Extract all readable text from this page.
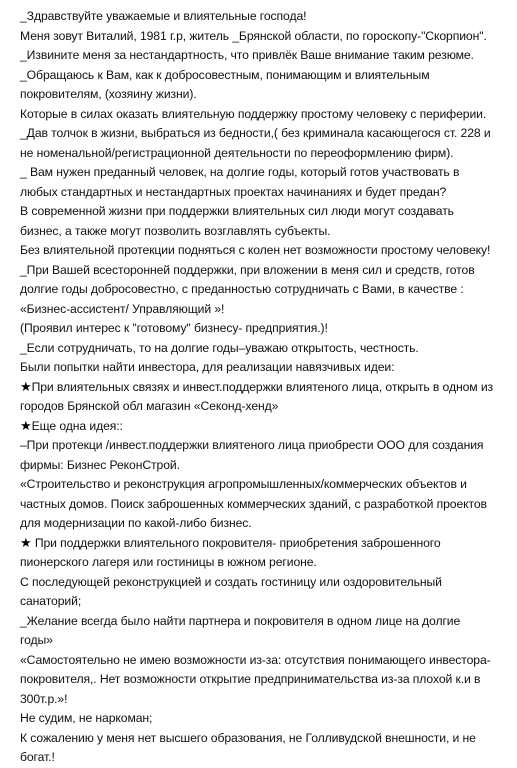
_Здравствуйте уважаемые и влиятельные господа!
Меня зовут Виталий, 1981 г.р, житель _Брянской области, по гороскопу-"Скорпион".
_Извините меня за нестандартность, что привлёк Ваше внимание таким резюме.
_Обращаюсь к Вам, как к добросовестным, понимающим и влиятельным
покровителям, (хозяину жизни).
Которые в силах оказать влиятельную поддержку простому человеку с периферии.
_Дав толчок в жизни, выбраться из бедности,( без криминала касающегося ст. 228 и
не номенальной/регистрационной деятельности по переоформлению фирм).
_ Вам нужен преданный человек, на долгие годы, который готов участвовать в
любых стандартных и нестандартных проектах начинаниях и будет предан?
В современной жизни при поддержки влиятельных сил люди могут создавать
бизнес, а также могут позволить возглавлять субъекты.
Без влиятельной протекции подняться с колен нет возможности простому человеку!
_При Вашей всесторонней поддержки, при вложении в меня сил и средств, готов
долгие годы добросовестно, с преданностью сотрудничать с Вами, в качестве :
«Бизнес-ассистент/ Управляющий »!
(Проявил интерес к "готовому" бизнесу- предприятия.)!
_Если сотрудничать, то на долгие годы–уважаю открытость, честность.
Были попытки найти инвестора, для реализации навязчивых идеи:
★При влиятельных связях и инвест.поддержки влиятеного лица, открыть в одном из
городов Брянской обл магазин «Секонд-хенд»
★Еще одна идея::
–При протекци /инвест.поддержки влиятеного лица приобрести ООО для создания
фирмы: Бизнес РеконСтрой.
«Строительство и реконструкция агропромышленных/коммерческих объектов и
частных домов. Поиск заброшенных коммерческих зданий, с разработкой проектов
для модернизации по какой-либо бизнес.
★ При поддержки влиятельного покровителя- приобретения заброшенного
пионерского лагеря или гостиницы в южном регионе.
С последующей реконструкцией и создать гостиницу или оздоровительный
санаторий;
_Желание всегда было найти партнера и покровителя в одном лице на долгие
годы»
«Самостоятельно не имею возможности из-за: отсутствия понимающего инвестора-
покровителя,. Нет возможности открытие предпринимательства из-за плохой к.и в
300т.р.»!
Не судим, не наркоман;
К сожалению у меня нет высшего образования, не Голливудской внешности, и не
богат.!
